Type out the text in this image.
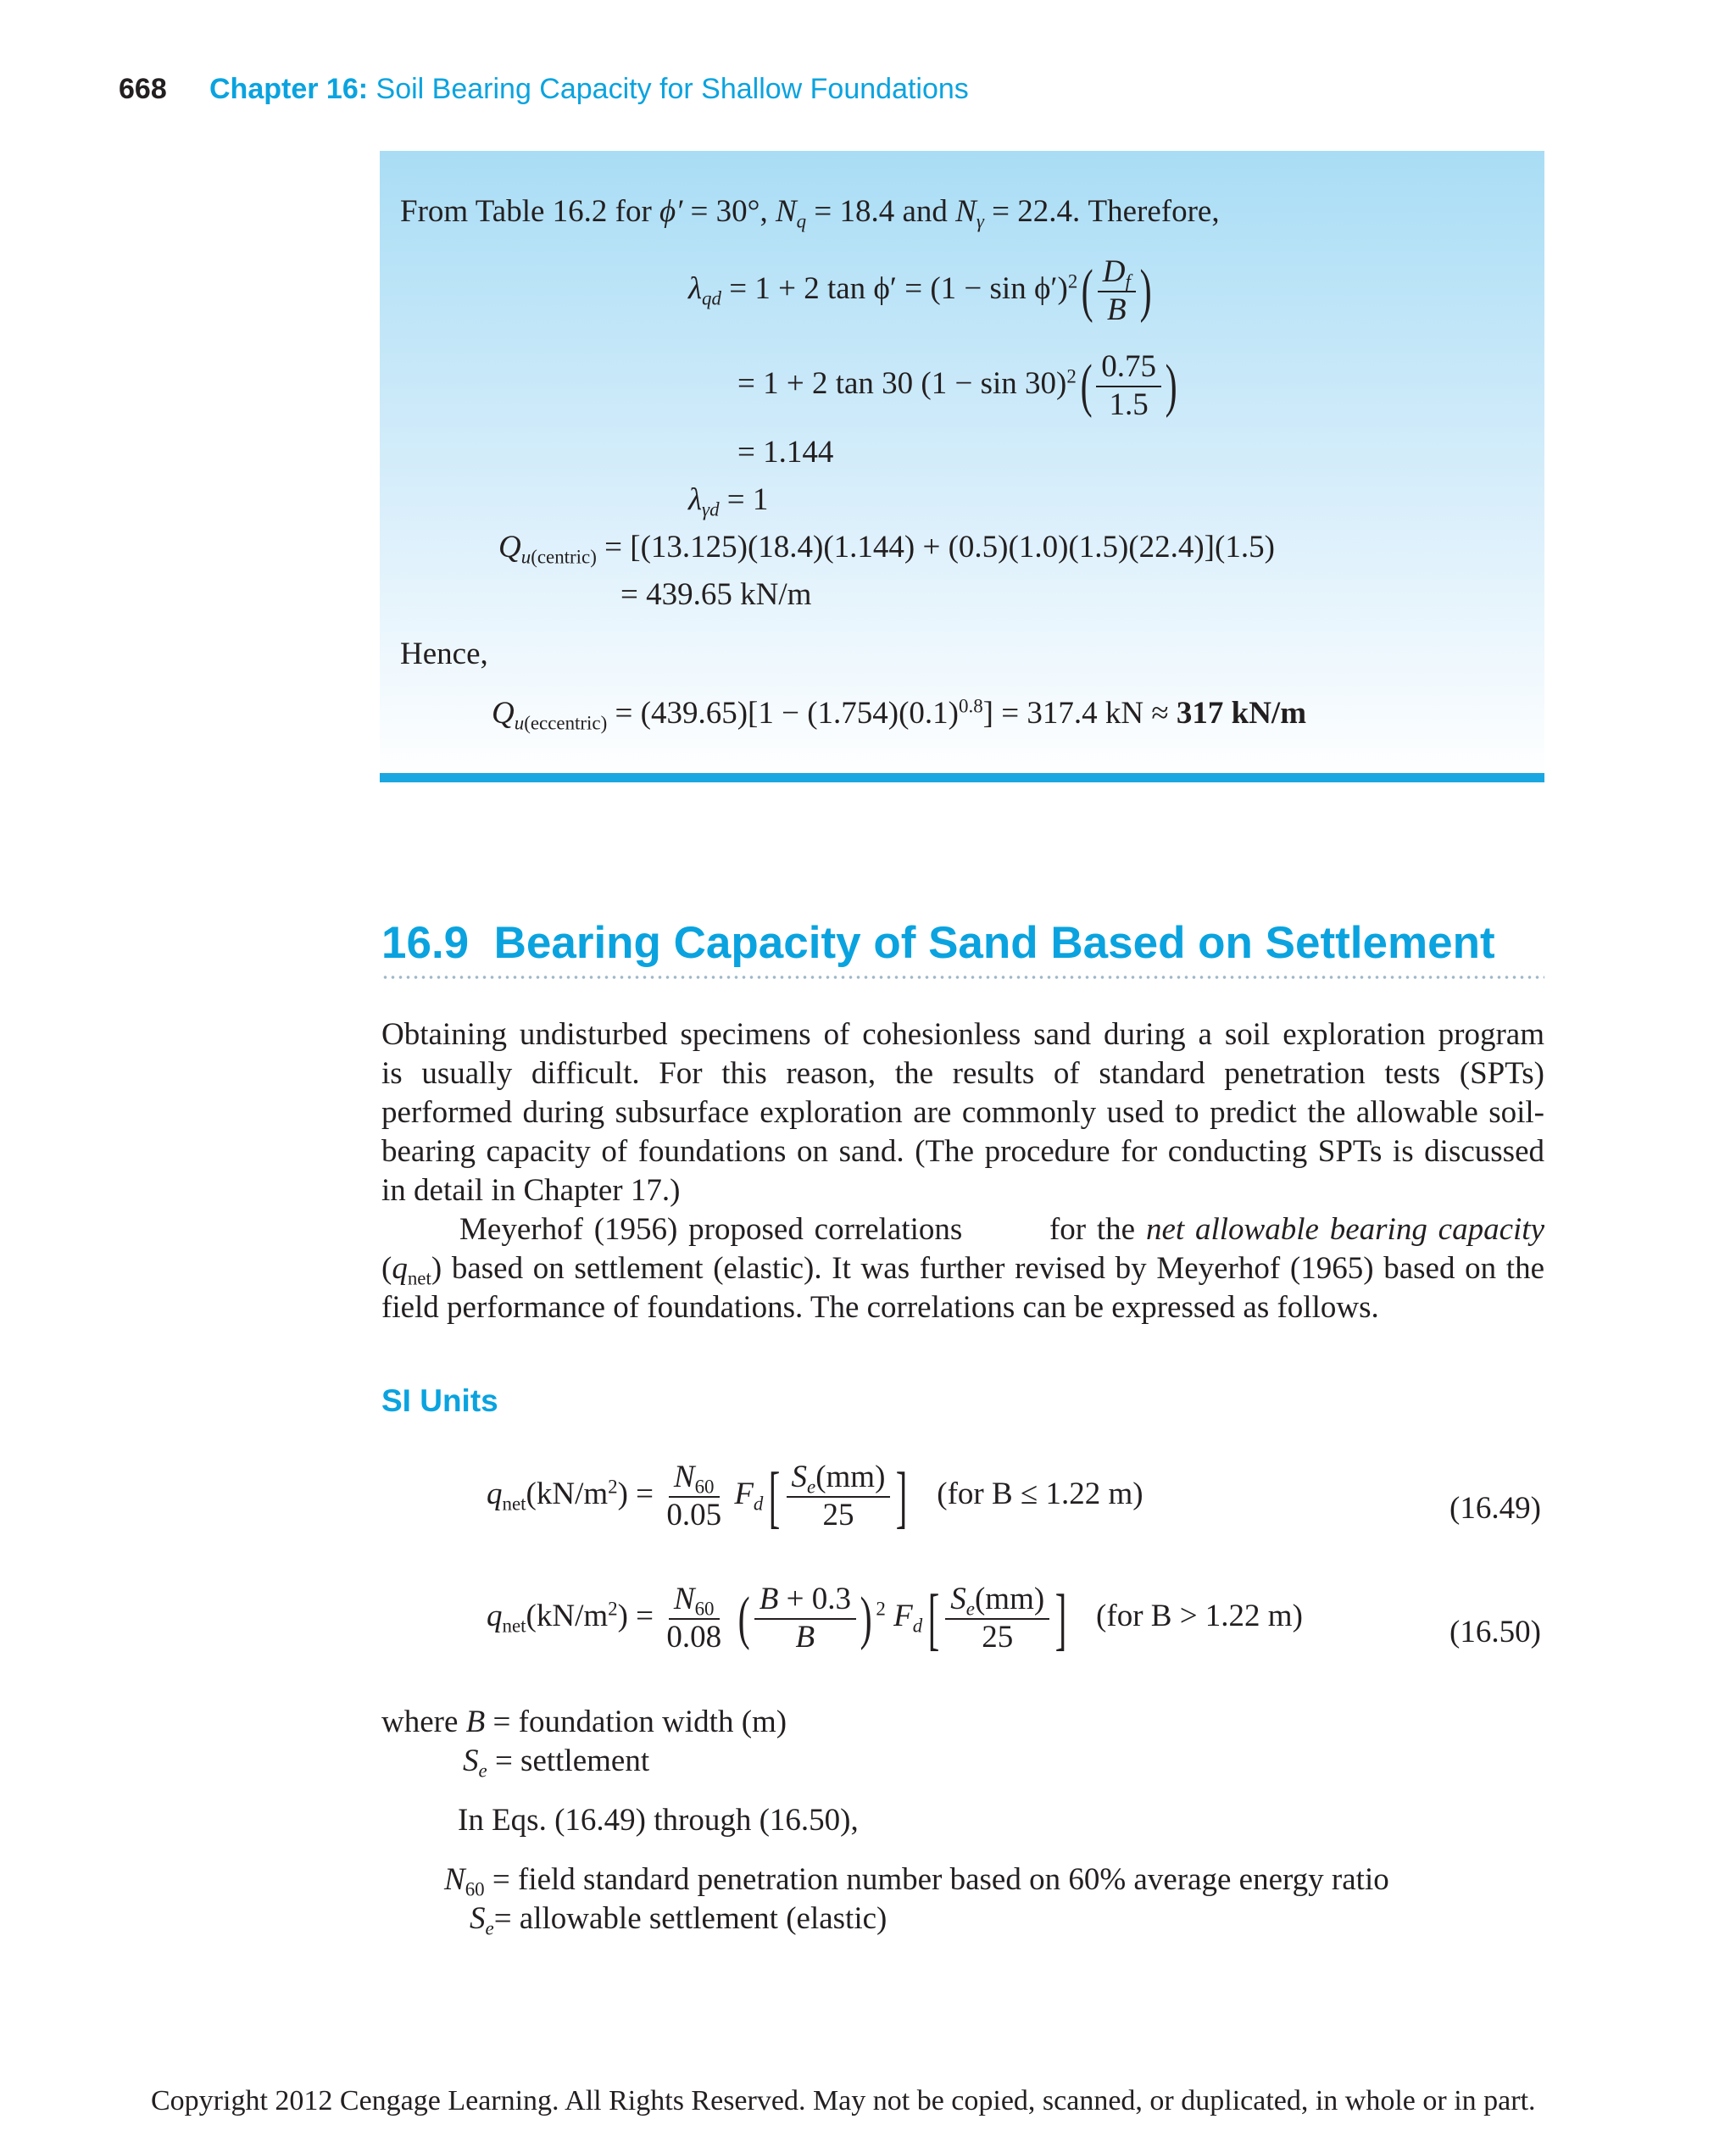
668 Chapter 16: Soil Bearing Capacity for Shallow Foundations
From Table 16.2 for ϕ′ = 30°, $N_q = 18.4$ and $N_\gamma = 22.4$. Therefore,
$\lambda_{qd} = 1 + 2$ $\tan \phi' = (1 - \sin \phi')^2( \frac{D_f}{B}$ )
= 1 + 2 tan 30 $(1 - \sin 30)^2( \frac{0.75}{1.5}$ )
= 1.144
$\lambda_{\gamma d} = 1$
$Q_{u(centric)} = [(13.125)(18.4)(1.144) + (0.5)(1.0)(1.5)(22.4)](1.5)$
= 439.65 kN/m
Hence,
$Q_{u(eccentric)} = (439.65)[1 - (1.754)(0.1)^{0.8}] = 317.4$ kN ≈ 317 kN/m
16.9 Bearing Capacity of Sand Based on Settlement
Obtaining undisturbed specimens of cohesionless sand during a soil exploration program
is usually difficult. For this reason, the results of standard penetration tests (SPTs)
performed during subsurface exploration are commonly used to predict the allowable soil-
bearing capacity of foundations on sand. (The procedure for conducting SPTs is discussed
in detail in Chapter 17.)
Meyerhof (1956) proposed correlations	for the net allowable bearing capacity
$(q_{net})$ based on settlement (elastic). It was further revised by Meyerhof (1965) based on the
field performance of foundations. The correlations can be expressed as follows.
SI Units
$q_{net}(kN/m^2) = \frac{N_{60}}{0.05} F_d[ \frac{S_e(mm)}{25}$ ] (for B ≤ 1.22 m)	(16.49)
$q_{net}(kN/m^2) = \frac{N_{60}}{0.08}$ ( $\frac{B + 0.3}{B}$ ) $^2$ $F_d[ \frac{S_e(mm)}{25}$ ] (for B > 1.22 m)	(16.50)
where B = foundation width (m)
$S_e$ = settlement
In Eqs. (16.49) through (16.50),
$N_{60}$ = field standard penetration number based on 60% average energy ratio
$S_e=$ allowable settlement (elastic)
Copyright 2012 Cengage Learning. All Rights Reserved. May not be copied, scanned, or duplicated, in whole or in part.
